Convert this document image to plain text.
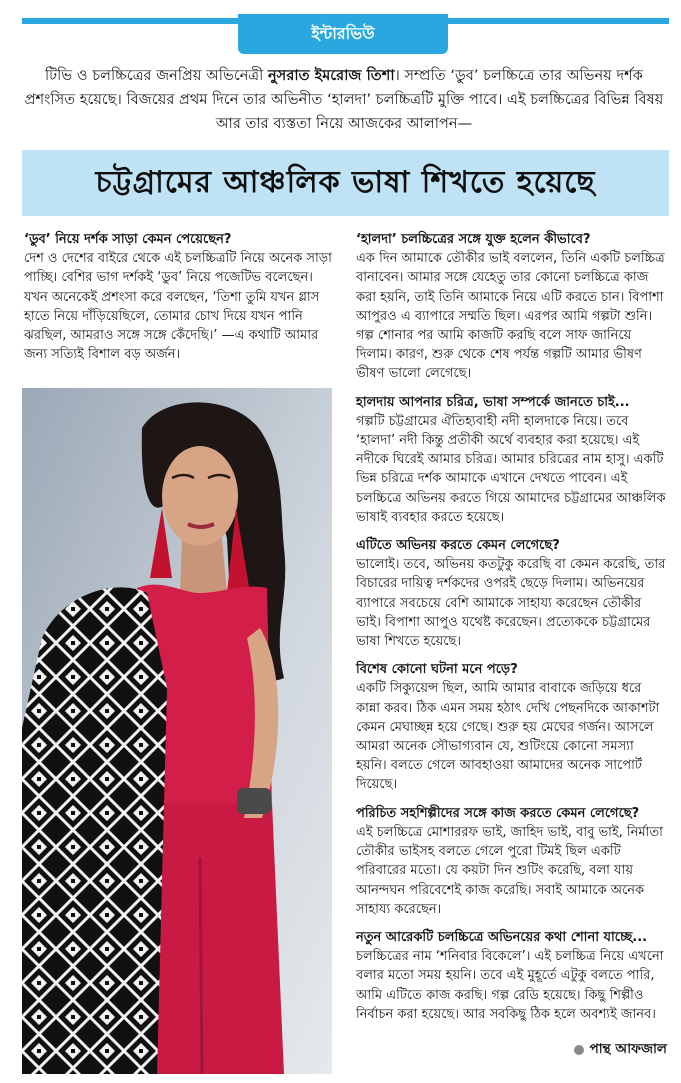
ইন্টারভিউ

টিভি ও চলচ্চিত্রের জনপ্রিয় অভিনেত্রী নুসরাত ইমরোজ তিশা। সম্প্রতি ‘ডুব’ চলচ্চিত্রে তার অভিনয় দর্শক প্রশংসিত হয়েছে। বিজয়ের প্রথম দিনে তার অভিনীত ‘হালদা’ চলচ্চিত্রটি মুক্তি পাবে। এই চলচ্চিত্রের বিভিন্ন বিষয় আর তার ব্যস্ততা নিয়ে আজকের আলাপন—

চট্টগ্রামের আঞ্চলিক ভাষা শিখতে হয়েছে
‘ডুব’ নিয়ে দর্শক সাড়া কেমন পেয়েছেন?
দেশ ও দেশের বাইরে থেকে এই চলচ্চিত্রটি নিয়ে অনেক সাড়া পাচ্ছি। বেশির ভাগ দর্শকই ‘ডুব’ নিয়ে পজেটিভ বলেছেন। যখন অনেকেই প্রশংসা করে বলছেন, ‘তিশা তুমি যখন গ্লাস হাতে নিয়ে দাঁড়িয়েছিলে, তোমার চোখ দিয়ে যখন পানি ঝরছিল, আমরাও সঙ্গে সঙ্গে কেঁদেছি।’ —এ কথাটি আমার জন্য সত্যিই বিশাল বড় অর্জন।
‘হালদা’ চলচ্চিত্রের সঙ্গে যুক্ত হলেন কীভাবে?
এক দিন আমাকে তৌকীর ভাই বললেন, তিনি একটি চলচ্চিত্র বানাবেন। আমার সঙ্গে যেহেতু তার কোনো চলচ্চিত্রে কাজ করা হয়নি, তাই তিনি আমাকে নিয়ে এটি করতে চান। বিপাশা আপুরও এ ব্যাপারে সম্মতি ছিল। এরপর আমি গল্পটা শুনি। গল্প শোনার পর আমি কাজটি করছি বলে সাফ জানিয়ে দিলাম। কারণ, শুরু থেকে শেষ পর্যন্ত গল্পটি আমার ভীষণ ভীষণ ভালো লেগেছে।
হালদায় আপনার চরিত্র, ভাষা সম্পর্কে জানতে চাই...
গল্পটি চট্টগ্রামের ঐতিহ্যবাহী নদী হালদাকে নিয়ে। তবে ‘হালদা’ নদী কিন্তু প্রতীকী অর্থে ব্যবহার করা হয়েছে। এই নদীকে ঘিরেই আমার চরিত্র। আমার চরিত্রের নাম হাসু। একটি ভিন্ন চরিত্রে দর্শক আমাকে এখানে দেখতে পাবেন। এই চলচ্চিত্রে অভিনয় করতে গিয়ে আমাদের চট্টগ্রামের আঞ্চলিক ভাষাই ব্যবহার করতে হয়েছে।
এটিতে অভিনয় করতে কেমন লেগেছে?
ভালোই। তবে, অভিনয় কতটুকু করেছি বা কেমন করেছি, তার বিচারের দায়িত্ব দর্শকদের ওপরই ছেড়ে দিলাম। অভিনয়ের ব্যাপারে সবচেয়ে বেশি আমাকে সাহায্য করেছেন তৌকীর ভাই। বিপাশা আপুও যথেষ্ট করেছেন। প্রত্যেককে চট্টগ্রামের ভাষা শিখতে হয়েছে।
বিশেষ কোনো ঘটনা মনে পড়ে?
একটি সিক্যুয়েন্স ছিল, আমি আমার বাবাকে জড়িয়ে ধরে কান্না করব। ঠিক এমন সময় হঠাৎ দেখি পেছনদিকে আকাশটা কেমন মেঘাচ্ছন্ন হয়ে গেছে। শুরু হয় মেঘের গর্জন। আসলে আমরা অনেক সৌভাগ্যবান যে, শুটিংয়ে কোনো সমস্যা হয়নি। বলতে গেলে আবহাওয়া আমাদের অনেক সাপোর্ট দিয়েছে।
পরিচিত সহশিল্পীদের সঙ্গে কাজ করতে কেমন লেগেছে?
এই চলচ্চিত্রে মোশাররফ ভাই, জাহিদ ভাই, বাবু ভাই, নির্মাতা তৌকীর ভাইসহ বলতে গেলে পুরো টিমই ছিল একটি পরিবারের মতো। যে কয়টা দিন শুটিং করেছি, বলা যায় আনন্দঘন পরিবেশেই কাজ করেছি। সবাই আমাকে অনেক সাহায্য করেছেন।
নতুন আরেকটি চলচ্চিত্রে অভিনয়ের কথা শোনা যাচ্ছে...
চলচ্চিত্রের নাম ‘শনিবার বিকেলে’। এই চলচ্চিত্র নিয়ে এখনো বলার মতো সময় হয়নি। তবে এই মুহূর্তে এটুকু বলতে পারি, আমি এটিতে কাজ করছি। গল্প রেডি হয়েছে। কিছু শিল্পীও নির্বাচন করা হয়েছে। আর সবকিছু ঠিক হলে অবশ্যই জানব।
পান্থ আফজাল
